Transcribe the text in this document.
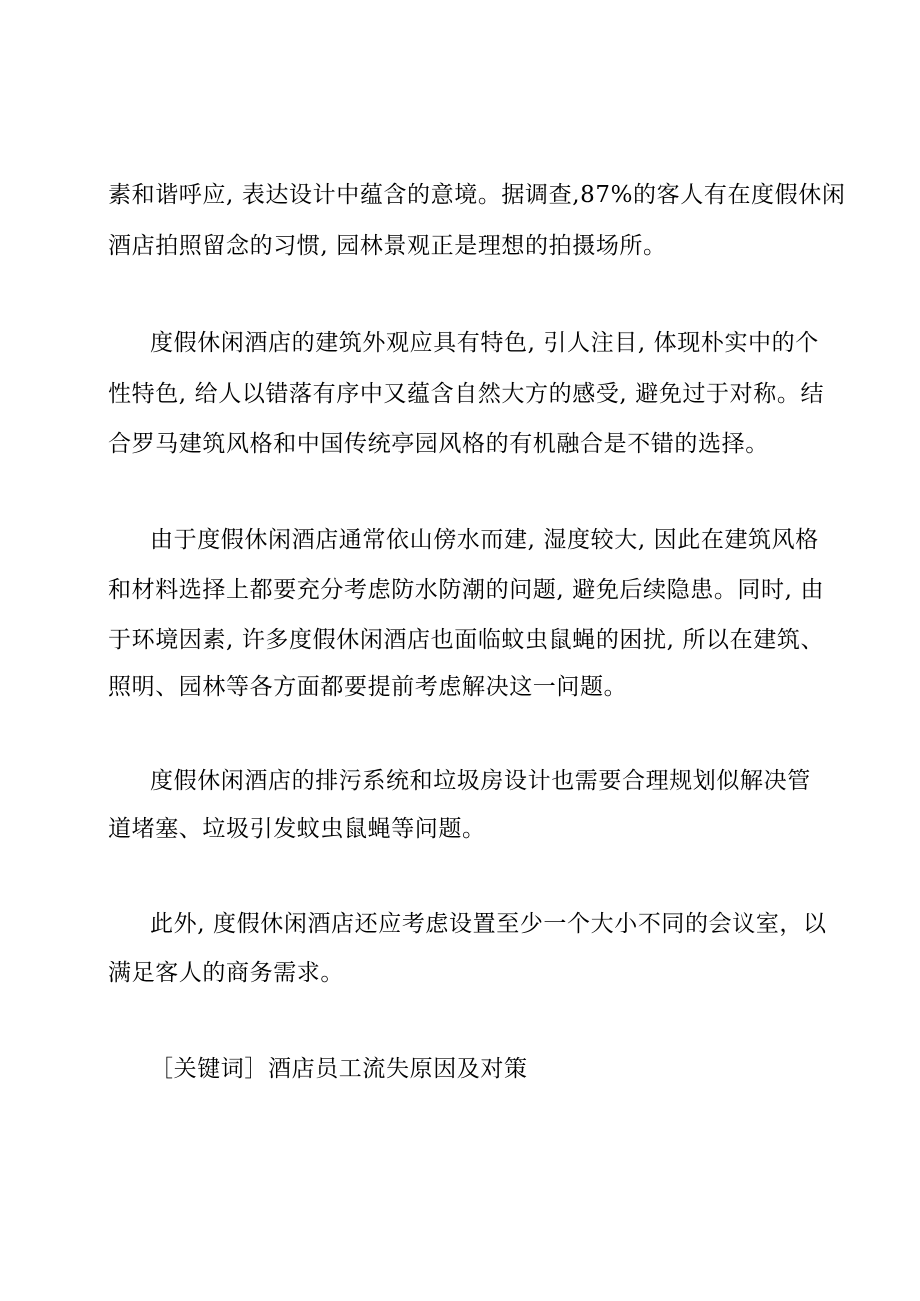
素和谐呼应, 表达设计中蕴含的意境。据调查,87%的客人有在度假休闲
酒店拍照留念的习惯, 园林景观正是理想的拍摄场所。
度假休闲酒店的建筑外观应具有特色, 引人注目, 体现朴实中的个
性特色, 给人以错落有序中又蕴含自然大方的感受, 避免过于对称。结
合罗马建筑风格和中国传统亭园风格的有机融合是不错的选择。
由于度假休闲酒店通常依山傍水而建, 湿度较大, 因此在建筑风格
和材料选择上都要充分考虑防水防潮的问题, 避免后续隐患。同时, 由
于环境因素, 许多度假休闲酒店也面临蚊虫鼠蝇的困扰, 所以在建筑、
照明、园林等各方面都要提前考虑解决这一问题。
度假休闲酒店的排污系统和垃圾房设计也需要合理规划似解决管
道堵塞、垃圾引发蚊虫鼠蝇等问题。
此外, 度假休闲酒店还应考虑设置至少一个大小不同的会议室，以
满足客人的商务需求。
［关键词］酒店员工流失原因及对策
